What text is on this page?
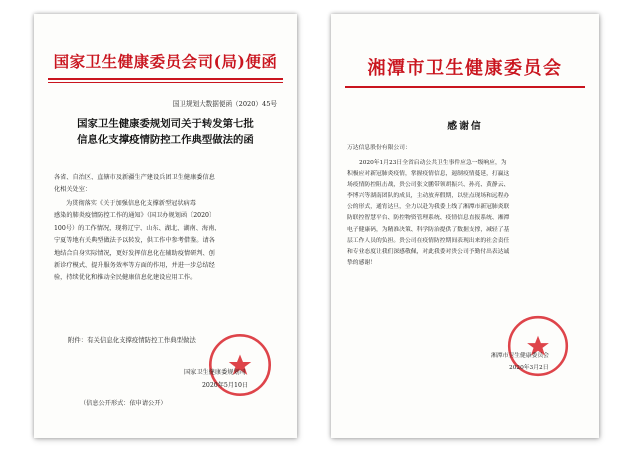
国家卫生健康委员会司(局)便函
国卫规划大数据便函（2020）45号
国家卫生健康委规划司关于转发第七批
信息化支撑疫情防控工作典型做法的函
各省、自治区、直辖市及新疆生产建设兵团卫生健康委信息
化相关处室：
为贯彻落实《关于加强信息化支撑新型冠状病毒
感染的肺炎疫情防控工作的通知》（国卫办规划函〔2020〕
100号）的工作情况，现将辽宁、山东、湖北、湖南、海南、
宁夏等地有关典型做法予以转发，供工作中参考借鉴。请各
地结合自身实际情况，更好发挥信息化在辅助疫情研判、创
新诊疗模式、提升服务效率等方面的作用，并进一步总结经
验，持续优化和推动全民健康信息化建设应用工作。
附件：有关信息化支撑疫情防控工作典型做法
国家卫生健康委规划司
2020年5月10日
（信息公开形式：依申请公开）
湘潭市卫生健康委员会
感谢信
万达信息股份有限公司：
2020年1月23日全省启动公共卫生事件应急一级响应，为
积极应对新冠肺炎疫情，掌握疫情信息，遏制疫情蔓延，打赢这
场疫情防控阻击战，贵公司张文鹏带领胡振兴、孙亮、黄静云、
李博兴等湖南团队的成员，主动放弃假期，以驻点现场和远程办
公的形式，通宵达旦，全力以赴为我委上线了湘潭市新冠肺炎联
防联控智慧平台、防控物资管理系统、疫情信息直报系统、湘潭
电子健康码，为精准决策、科学防治提供了数据支撑，减轻了基
层工作人员的负担。贵公司在疫情防控期间表现出来的社会责任
和专业态度让我们深感敬佩，对此我委对贵公司予勤付出表达诚
挚的感谢！
湘潭市卫生健康委员会
2020年3月2日
